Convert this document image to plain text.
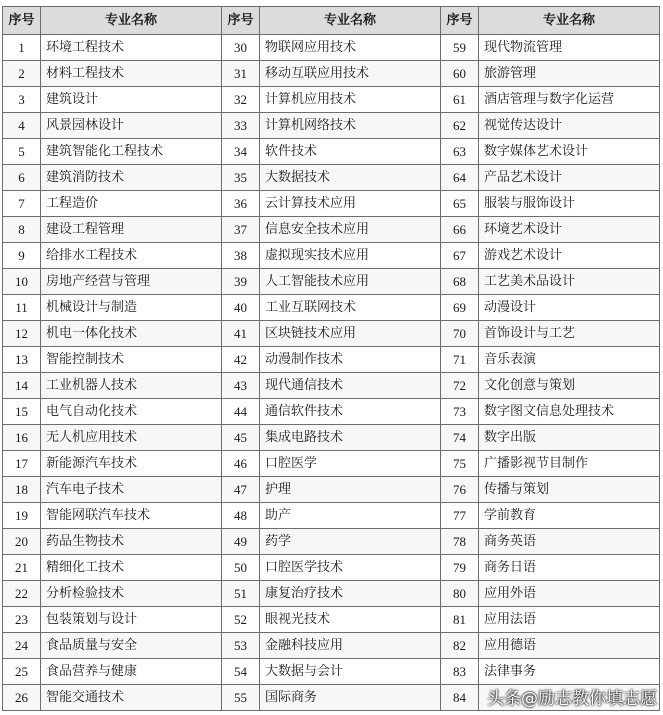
序号	专业名称	序号	专业名称	序号	专业名称
1	环境工程技术	30	物联网应用技术	59	现代物流管理
2	材料工程技术	31	移动互联应用技术	60	旅游管理
3	建筑设计	32	计算机应用技术	61	酒店管理与数字化运营
4	风景园林设计	33	计算机网络技术	62	视觉传达设计
5	建筑智能化工程技术	34	软件技术	63	数字媒体艺术设计
6	建筑消防技术	35	大数据技术	64	产品艺术设计
7	工程造价	36	云计算技术应用	65	服装与服饰设计
8	建设工程管理	37	信息安全技术应用	66	环境艺术设计
9	给排水工程技术	38	虚拟现实技术应用	67	游戏艺术设计
10	房地产经营与管理	39	人工智能技术应用	68	工艺美术品设计
11	机械设计与制造	40	工业互联网技术	69	动漫设计
12	机电一体化技术	41	区块链技术应用	70	首饰设计与工艺
13	智能控制技术	42	动漫制作技术	71	音乐表演
14	工业机器人技术	43	现代通信技术	72	文化创意与策划
15	电气自动化技术	44	通信软件技术	73	数字图文信息处理技术
16	无人机应用技术	45	集成电路技术	74	数字出版
17	新能源汽车技术	46	口腔医学	75	广播影视节目制作
18	汽车电子技术	47	护理	76	传播与策划
19	智能网联汽车技术	48	助产	77	学前教育
20	药品生物技术	49	药学	78	商务英语
21	精细化工技术	50	口腔医学技术	79	商务日语
22	分析检验技术	51	康复治疗技术	80	应用外语
23	包装策划与设计	52	眼视光技术	81	应用法语
24	食品质量与安全	53	金融科技应用	82	应用德语
25	食品营养与健康	54	大数据与会计	83	法律事务
26	智能交通技术	55	国际商务	84	头条@励志教你填志愿
